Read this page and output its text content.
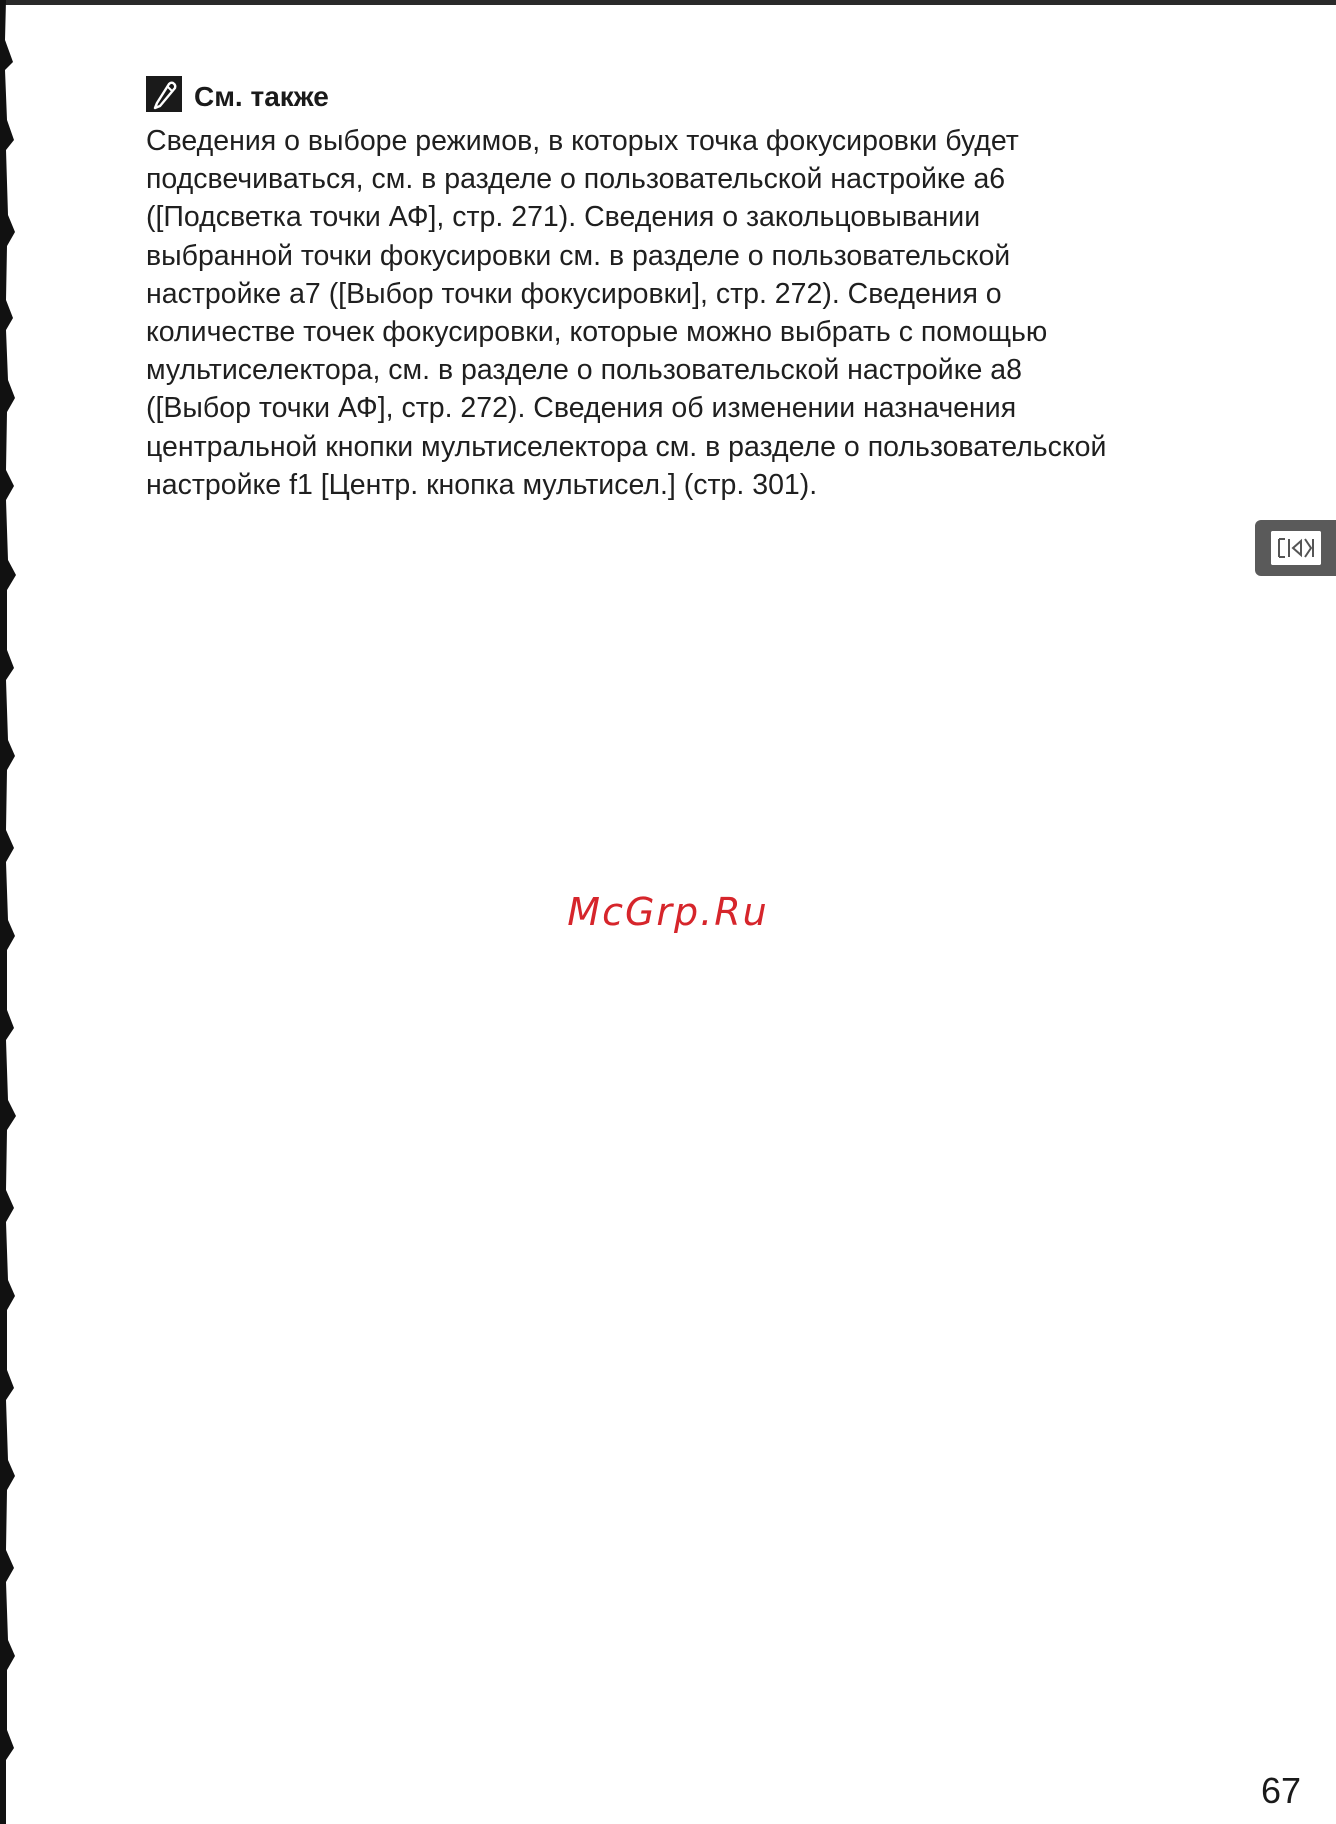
См. также
Сведения о выборе режимов, в которых точка фокусировки будет
подсвечиваться, см. в разделе о пользовательской настройке a6
([Подсветка точки АФ], стр. 271). Сведения о закольцовывании
выбранной точки фокусировки см. в разделе о пользовательской
настройке a7 ([Выбор точки фокусировки], стр. 272). Сведения о
количестве точек фокусировки, которые можно выбрать с помощью
мультиселектора, см. в разделе о пользовательской настройке a8
([Выбор точки АФ], стр. 272). Сведения об изменении назначения
центральной кнопки мультиселектора см. в разделе о пользовательской
настройке f1 [Центр. кнопка мультисел.] (стр. 301).
McGrp.Ru
67
